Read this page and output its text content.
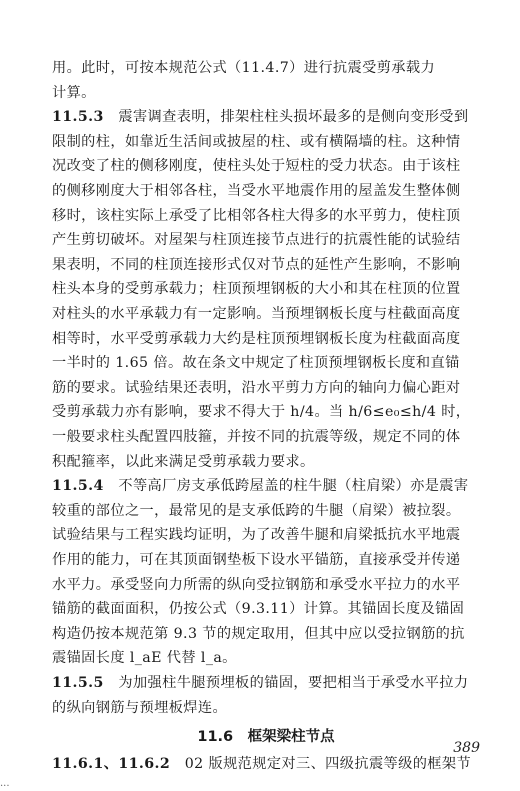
用。此时，可按本规范公式（11.4.7）进行抗震受剪承载力
计算。
11.5.3　 震害调查表明，排架柱柱头损坏最多的是侧向变形受到
限制的柱，如靠近生活间或披屋的柱、或有横隔墙的柱。这种情
况改变了柱的侧移刚度，使柱头处于短柱的受力状态。由于该柱
的侧移刚度大于相邻各柱，当受水平地震作用的屋盖发生整体侧
移时，该柱实际上承受了比相邻各柱大得多的水平剪力，使柱顶
产生剪切破坏。对屋架与柱顶连接节点进行的抗震性能的试验结
果表明，不同的柱顶连接形式仅对节点的延性产生影响，不影响
柱头本身的受剪承载力；柱顶预埋钢板的大小和其在柱顶的位置
对柱头的水平承载力有一定影响。当预埋钢板长度与柱截面高度
相等时，水平受剪承载力大约是柱顶预埋钢板长度为柱截面高度
一半时的 1.65 倍。故在条文中规定了柱顶预埋钢板长度和直锚
筋的要求。试验结果还表明，沿水平剪力方向的轴向力偏心距对
受剪承载力亦有影响，要求不得大于 h/4。当 h/6≤e₀≤h/4 时，
一般要求柱头配置四肢箍，并按不同的抗震等级，规定不同的体
积配箍率，以此来满足受剪承载力要求。
11.5.4　 不等高厂房支承低跨屋盖的柱牛腿（柱肩梁）亦是震害
较重的部位之一，最常见的是支承低跨的牛腿（肩梁）被拉裂。
试验结果与工程实践均证明，为了改善牛腿和肩梁抵抗水平地震
作用的能力，可在其顶面钢垫板下设水平锚筋，直接承受并传递
水平力。承受竖向力所需的纵向受拉钢筋和承受水平拉力的水平
锚筋的截面面积，仍按公式（9.3.11）计算。其锚固长度及锚固
构造仍按本规范第 9.3 节的规定取用，但其中应以受拉钢筋的抗
震锚固长度 l_aE 代替 l_a。
11.5.5　 为加强柱牛腿预埋板的锚固，要把相当于承受水平拉力
的纵向钢筋与预埋板焊连。
11.6　框架梁柱节点
11.6.1、11.6.2　 02 版规范规定对三、四级抗震等级的框架节
389
...
